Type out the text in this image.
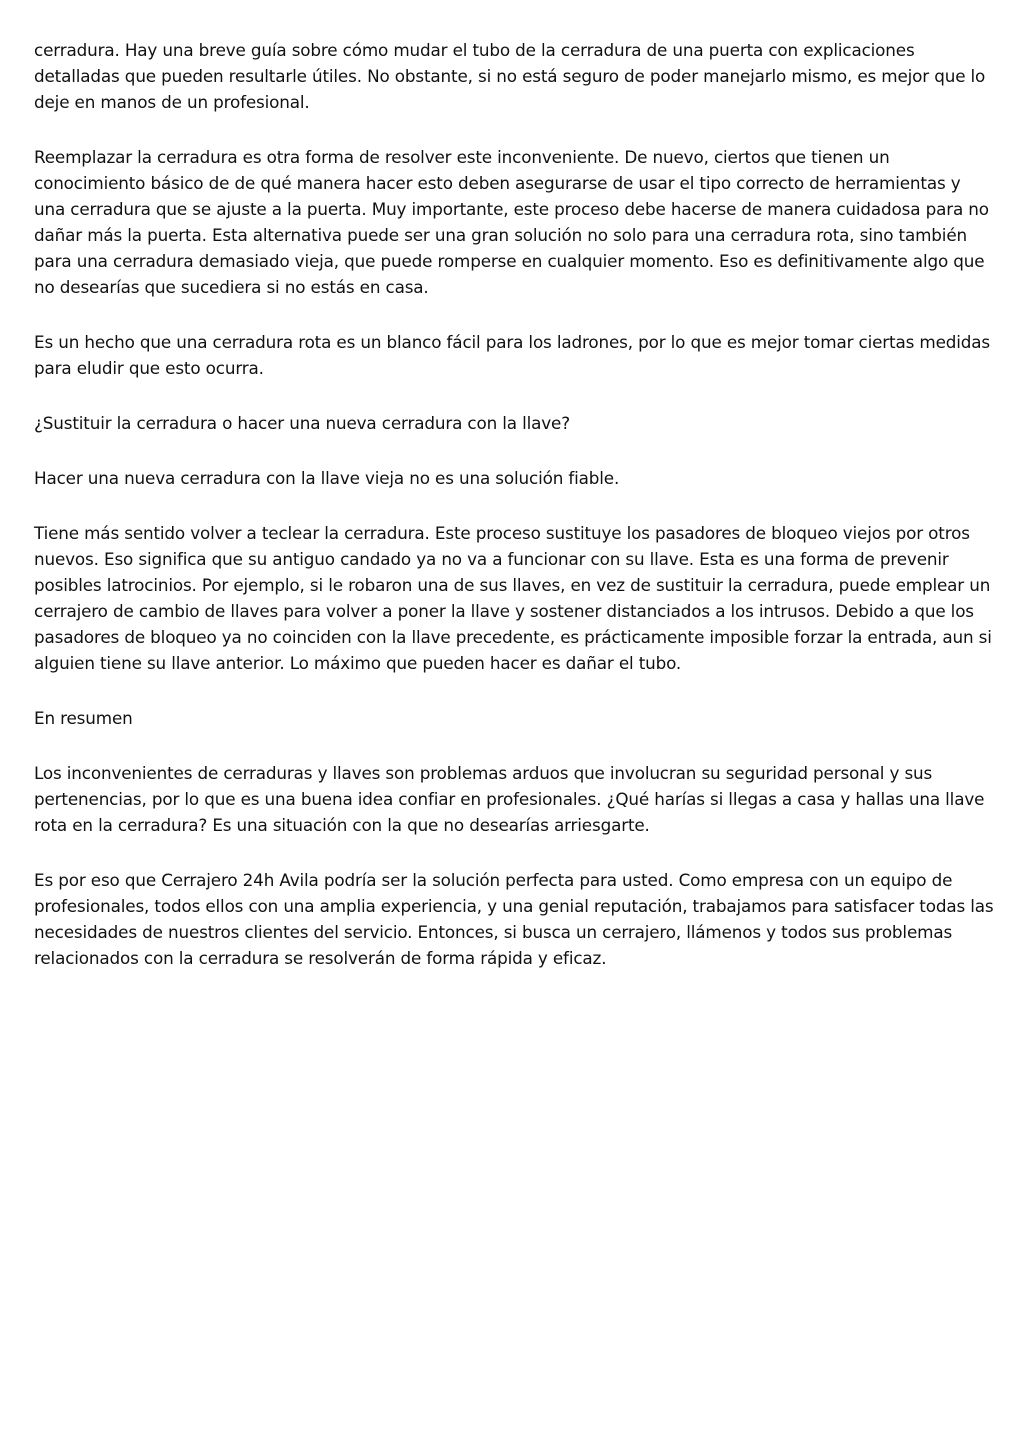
cerradura. Hay una breve guía sobre cómo mudar el tubo de la cerradura de una puerta con explicaciones detalladas que pueden resultarle útiles. No obstante, si no está seguro de poder manejarlo mismo, es mejor que lo deje en manos de un profesional.

Reemplazar la cerradura es otra forma de resolver este inconveniente. De nuevo, ciertos que tienen un conocimiento básico de de qué manera hacer esto deben asegurarse de usar el tipo correcto de herramientas y una cerradura que se ajuste a la puerta. Muy importante, este proceso debe hacerse de manera cuidadosa para no dañar más la puerta. Esta alternativa puede ser una gran solución no solo para una cerradura rota, sino también para una cerradura demasiado vieja, que puede romperse en cualquier momento. Eso es definitivamente algo que no desearías que sucediera si no estás en casa.

Es un hecho que una cerradura rota es un blanco fácil para los ladrones, por lo que es mejor tomar ciertas medidas para eludir que esto ocurra.

¿Sustituir la cerradura o hacer una nueva cerradura con la llave?

Hacer una nueva cerradura con la llave vieja no es una solución fiable.

Tiene más sentido volver a teclear la cerradura. Este proceso sustituye los pasadores de bloqueo viejos por otros nuevos. Eso significa que su antiguo candado ya no va a funcionar con su llave. Esta es una forma de prevenir posibles latrocinios. Por ejemplo, si le robaron una de sus llaves, en vez de sustituir la cerradura, puede emplear un cerrajero de cambio de llaves para volver a poner la llave y sostener distanciados a los intrusos. Debido a que los pasadores de bloqueo ya no coinciden con la llave precedente, es prácticamente imposible forzar la entrada, aun si alguien tiene su llave anterior. Lo máximo que pueden hacer es dañar el tubo.

En resumen

Los inconvenientes de cerraduras y llaves son problemas arduos que involucran su seguridad personal y sus pertenencias, por lo que es una buena idea confiar en profesionales. ¿Qué harías si llegas a casa y hallas una llave rota en la cerradura? Es una situación con la que no desearías arriesgarte.

Es por eso que Cerrajero 24h Avila podría ser la solución perfecta para usted. Como empresa con un equipo de profesionales, todos ellos con una amplia experiencia, y una genial reputación, trabajamos para satisfacer todas las necesidades de nuestros clientes del servicio. Entonces, si busca un cerrajero, llámenos y todos sus problemas relacionados con la cerradura se resolverán de forma rápida y eficaz.
